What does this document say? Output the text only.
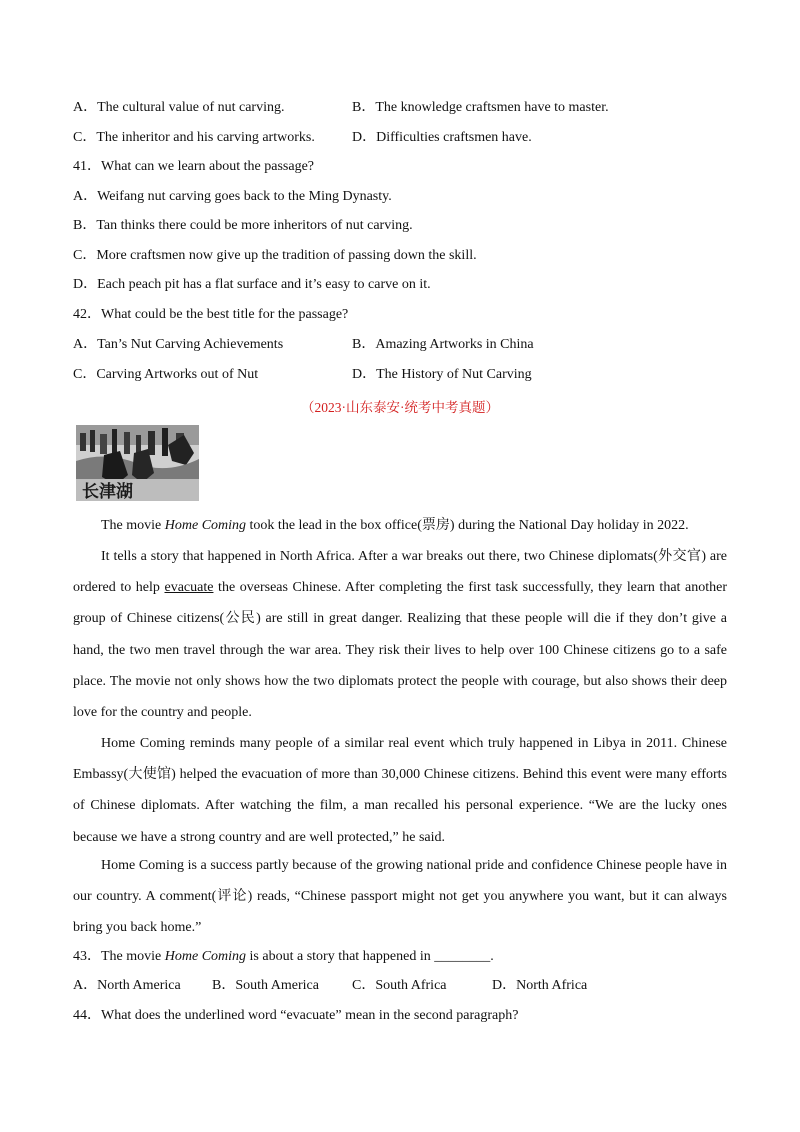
A．The cultural value of nut carving.	B．The knowledge craftsmen have to master.
C．The inheritor and his carving artworks.	D．Difficulties craftsmen have.
41．What can we learn about the passage?
A．Weifang nut carving goes back to the Ming Dynasty.
B．Tan thinks there could be more inheritors of nut carving.
C．More craftsmen now give up the tradition of passing down the skill.
D．Each peach pit has a flat surface and it’s easy to carve on it.
42．What could be the best title for the passage?
A．Tan’s Nut Carving Achievements	B．Amazing Artworks in China
C．Carving Artworks out of Nut	D．The History of Nut Carving
（2023·山东泰安·统考中考真题）
长津湖
The movie Home Coming took the lead in the box office(票房) during the National Day holiday in 2022.
It tells a story that happened in North Africa. After a war breaks out there, two Chinese diplomats(外交官) are ordered to help evacuate the overseas Chinese. After completing the first task successfully, they learn that another group of Chinese citizens(公民) are still in great danger. Realizing that these people will die if they don’t give a hand, the two men travel through the war area. They risk their lives to help over 100 Chinese citizens go to a safe place. The movie not only shows how the two diplomats protect the people with courage, but also shows their deep love for the country and people.
Home Coming reminds many people of a similar real event which truly happened in Libya in 2011. Chinese Embassy(大使馆) helped the evacuation of more than 30,000 Chinese citizens. Behind this event were many efforts of Chinese diplomats. After watching the film, a man recalled his personal experience. “We are the lucky ones because we have a strong country and are well protected,” he said.
Home Coming is a success partly because of the growing national pride and confidence Chinese people have in our country. A comment(评论) reads, “Chinese passport might not get you anywhere you want, but it can always bring you back home.”
43．The movie Home Coming is about a story that happened in ________.
A．North America B．South America C．South Africa	D．North Africa
44．What does the underlined word “evacuate” mean in the second paragraph?
